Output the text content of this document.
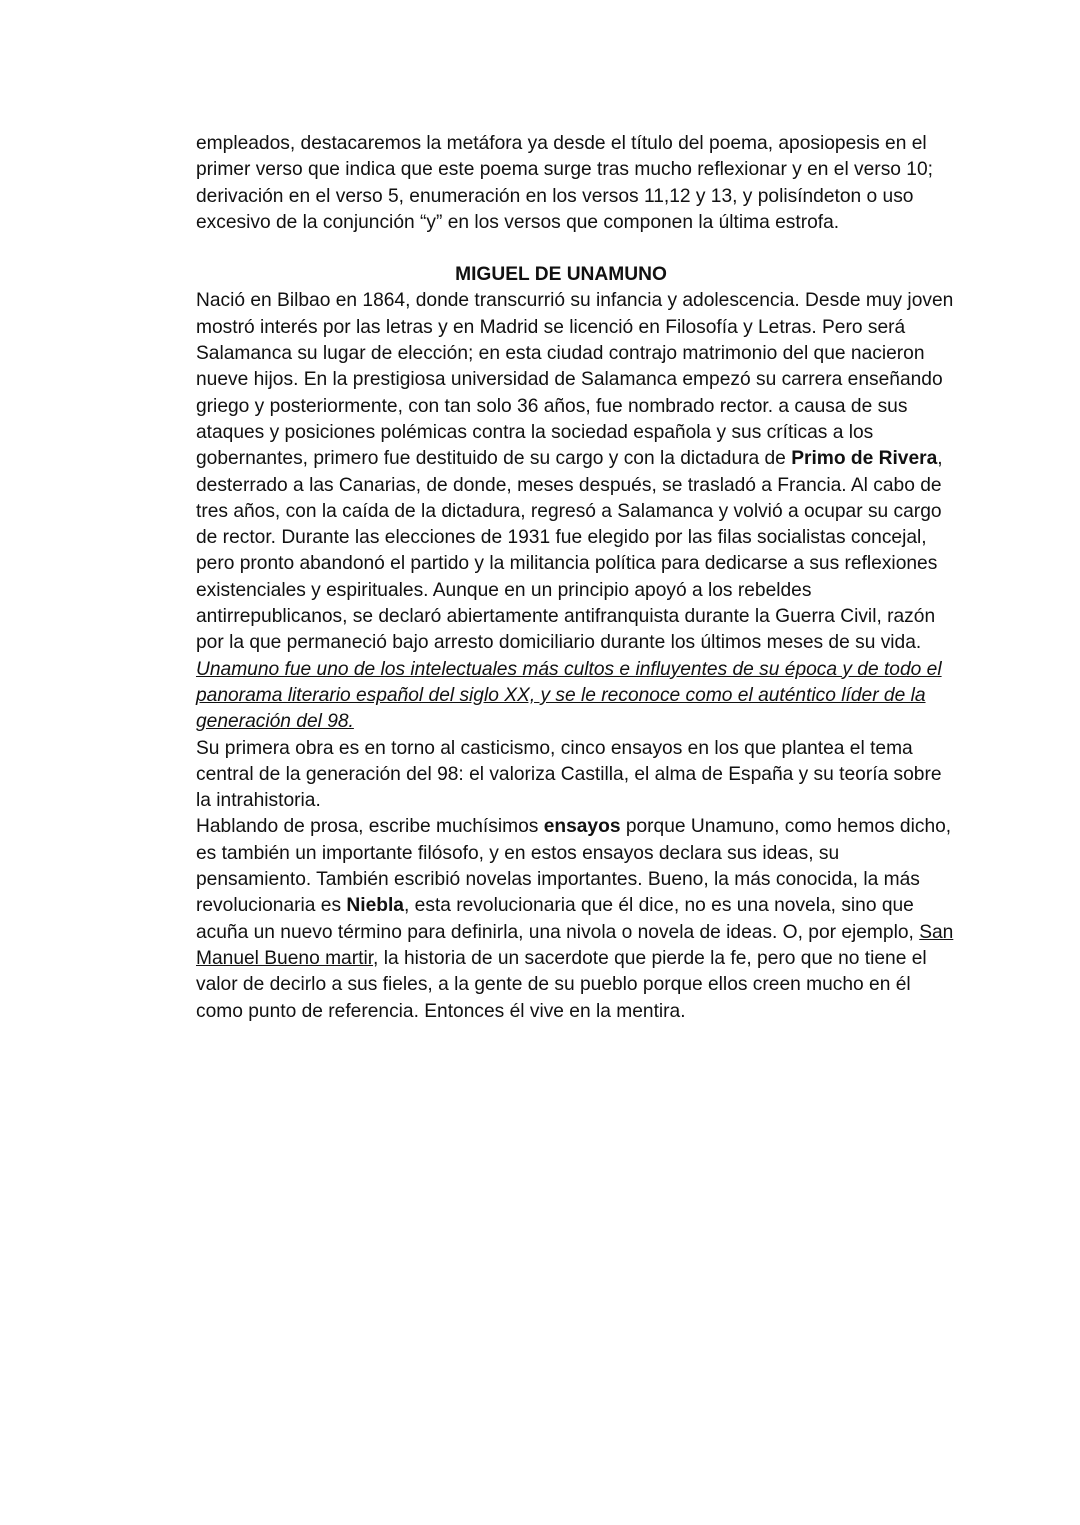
empleados, destacaremos la metáfora ya desde el título del poema, aposiopesis en el primer verso que indica que este poema surge tras mucho reflexionar y en el verso 10; derivación en el verso 5, enumeración en los versos 11,12 y 13, y polisíndeton o uso excesivo de la conjunción “y” en los versos que componen la última estrofa.

MIGUEL DE UNAMUNO

Nació en Bilbao en 1864, donde transcurrió su infancia y adolescencia. Desde muy joven mostró interés por las letras y en Madrid se licenció en Filosofía y Letras. Pero será Salamanca su lugar de elección; en esta ciudad contrajo matrimonio del que nacieron nueve hijos. En la prestigiosa universidad de Salamanca empezó su carrera enseñando griego y posteriormente, con tan solo 36 años, fue nombrado rector. a causa de sus ataques y posiciones polémicas contra la sociedad española y sus críticas a los gobernantes, primero fue destituido de su cargo y con la dictadura de Primo de Rivera, desterrado a las Canarias, de donde, meses después, se trasladó a Francia. Al cabo de tres años, con la caída de la dictadura, regresó a Salamanca y volvió a ocupar su cargo de rector. Durante las elecciones de 1931 fue elegido por las filas socialistas concejal, pero pronto abandonó el partido y la militancia política para dedicarse a sus reflexiones existenciales y espirituales. Aunque en un principio apoyó a los rebeldes antirrepublicanos, se declaró abiertamente antifranquista durante la Guerra Civil, razón por la que permaneció bajo arresto domiciliario durante los últimos meses de su vida. Unamuno fue uno de los intelectuales más cultos e influyentes de su época y de todo el panorama literario español del siglo XX, y se le reconoce como el auténtico líder de la generación del 98.

Su primera obra es en torno al casticismo, cinco ensayos en los que plantea el tema central de la generación del 98: el valoriza Castilla, el alma de España y su teoría sobre la intrahistoria.

Hablando de prosa, escribe muchísimos ensayos porque Unamuno, como hemos dicho, es también un importante filósofo, y en estos ensayos declara sus ideas, su pensamiento. También escribió novelas importantes. Bueno, la más conocida, la más revolucionaria es Niebla, esta revolucionaria que él dice, no es una novela, sino que acuña un nuevo término para definirla, una nivola o novela de ideas. O, por ejemplo, San Manuel Bueno martir, la historia de un sacerdote que pierde la fe, pero que no tiene el valor de decirlo a sus fieles, a la gente de su pueblo porque ellos creen mucho en él como punto de referencia. Entonces él vive en la mentira.
